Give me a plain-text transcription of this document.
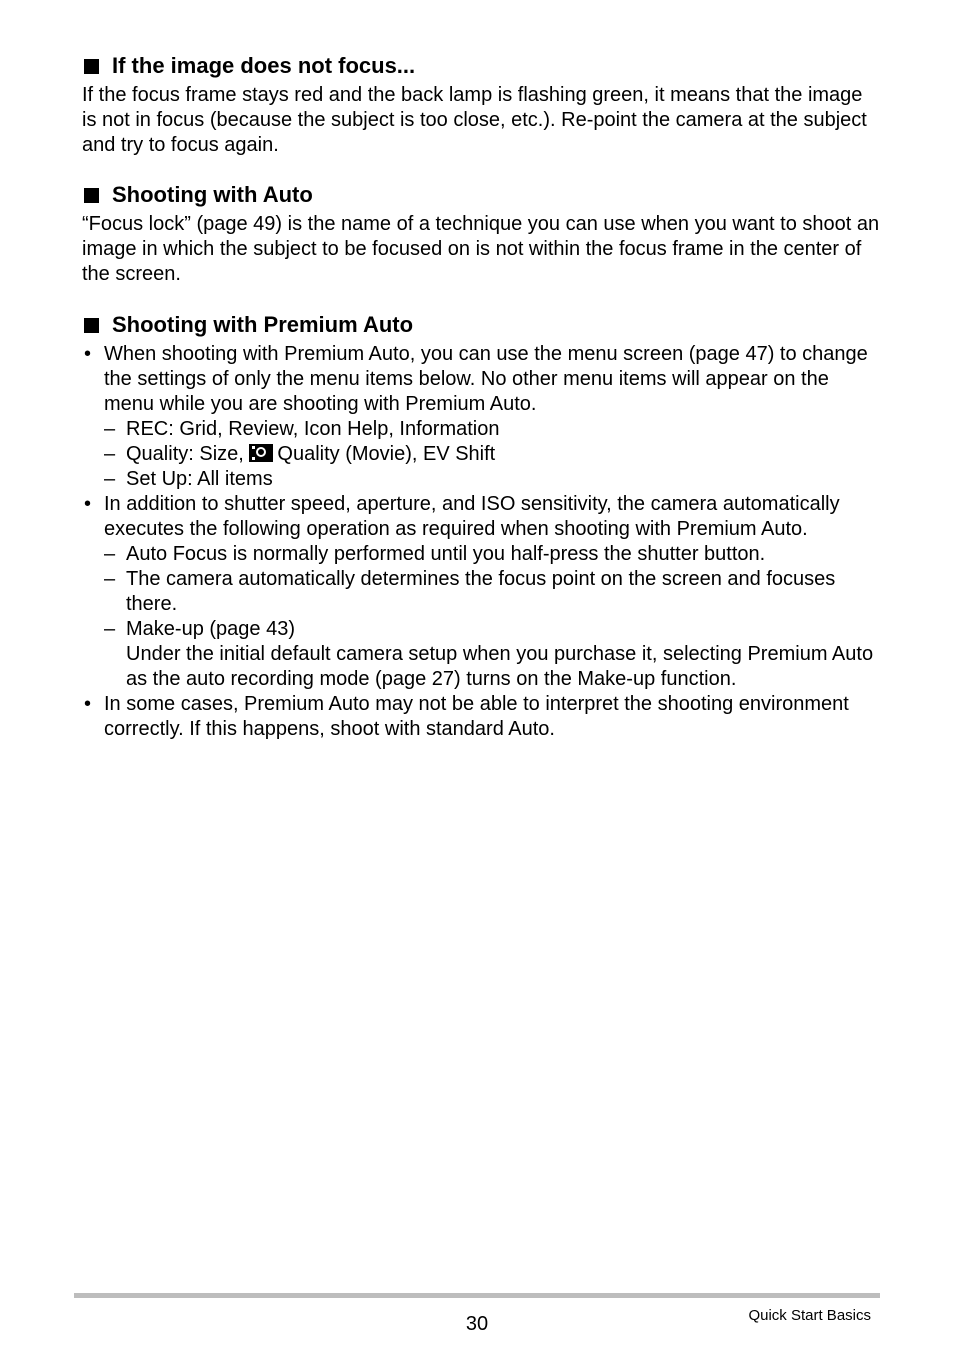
If the image does not focus...

If the focus frame stays red and the back lamp is flashing green, it means that the image is not in focus (because the subject is too close, etc.). Re-point the camera at the subject and try to focus again.

Shooting with Auto

“Focus lock” (page 49) is the name of a technique you can use when you want to shoot an image in which the subject to be focused on is not within the focus frame in the center of the screen.

Shooting with Premium Auto
• When shooting with Premium Auto, you can use the menu screen (page 47) to change the settings of only the menu items below. No other menu items will appear on the menu while you are shooting with Premium Auto.
– REC: Grid, Review, Icon Help, Information
– Quality: Size, Quality (Movie), EV Shift
– Set Up: All items
• In addition to shutter speed, aperture, and ISO sensitivity, the camera automatically executes the following operation as required when shooting with Premium Auto.
– Auto Focus is normally performed until you half-press the shutter button.
– The camera automatically determines the focus point on the screen and focuses there.
– Make-up (page 43)
Under the initial default camera setup when you purchase it, selecting Premium Auto as the auto recording mode (page 27) turns on the Make-up function.
• In some cases, Premium Auto may not be able to interpret the shooting environment correctly. If this happens, shoot with standard Auto.
30	Quick Start Basics
